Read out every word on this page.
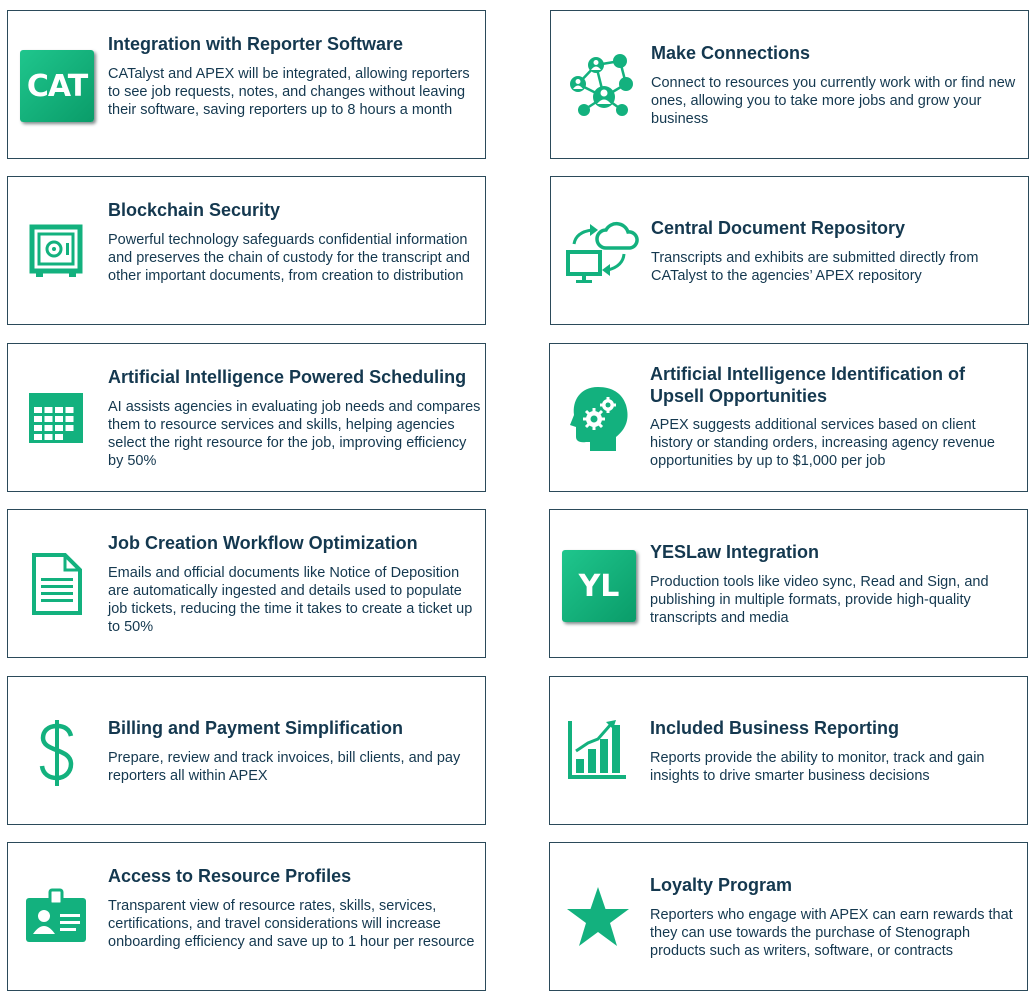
CAT
Integration with Reporter Software

CATalyst and APEX will be integrated, allowing reporters to see job requests, notes, and changes without leaving their software, saving reporters up to 8 hours a month

Make Connections

Connect to resources you currently work with or find new ones, allowing you to take more jobs and grow your business

Blockchain Security

Powerful technology safeguards confidential information and preserves the chain of custody for the transcript and other important documents, from creation to distribution

Central Document Repository

Transcripts and exhibits are submitted directly from CATalyst to the agencies’ APEX repository

Artificial Intelligence Powered Scheduling

AI assists agencies in evaluating job needs and compares them to resource services and skills, helping agencies select the right resource for the job, improving efficiency by 50%

Artificial Intelligence Identification of Upsell Opportunities

APEX suggests additional services based on client history or standing orders, increasing agency revenue opportunities by up to $1,000 per job

Job Creation Workflow Optimization

Emails and official documents like Notice of Deposition are automatically ingested and details used to populate job tickets, reducing the time it takes to create a ticket up to 50%

YL
YESLaw Integration

Production tools like video sync, Read and Sign, and publishing in multiple formats, provide high-quality transcripts and media

Billing and Payment Simplification

Prepare, review and track invoices, bill clients, and pay reporters all within APEX

Included Business Reporting

Reports provide the ability to monitor, track and gain insights to drive smarter business decisions

Access to Resource Profiles

Transparent view of resource rates, skills, services, certifications, and travel considerations will increase onboarding efficiency and save up to 1 hour per resource

Loyalty Program

Reporters who engage with APEX can earn rewards that they can use towards the purchase of Stenograph products such as writers, software, or contracts
